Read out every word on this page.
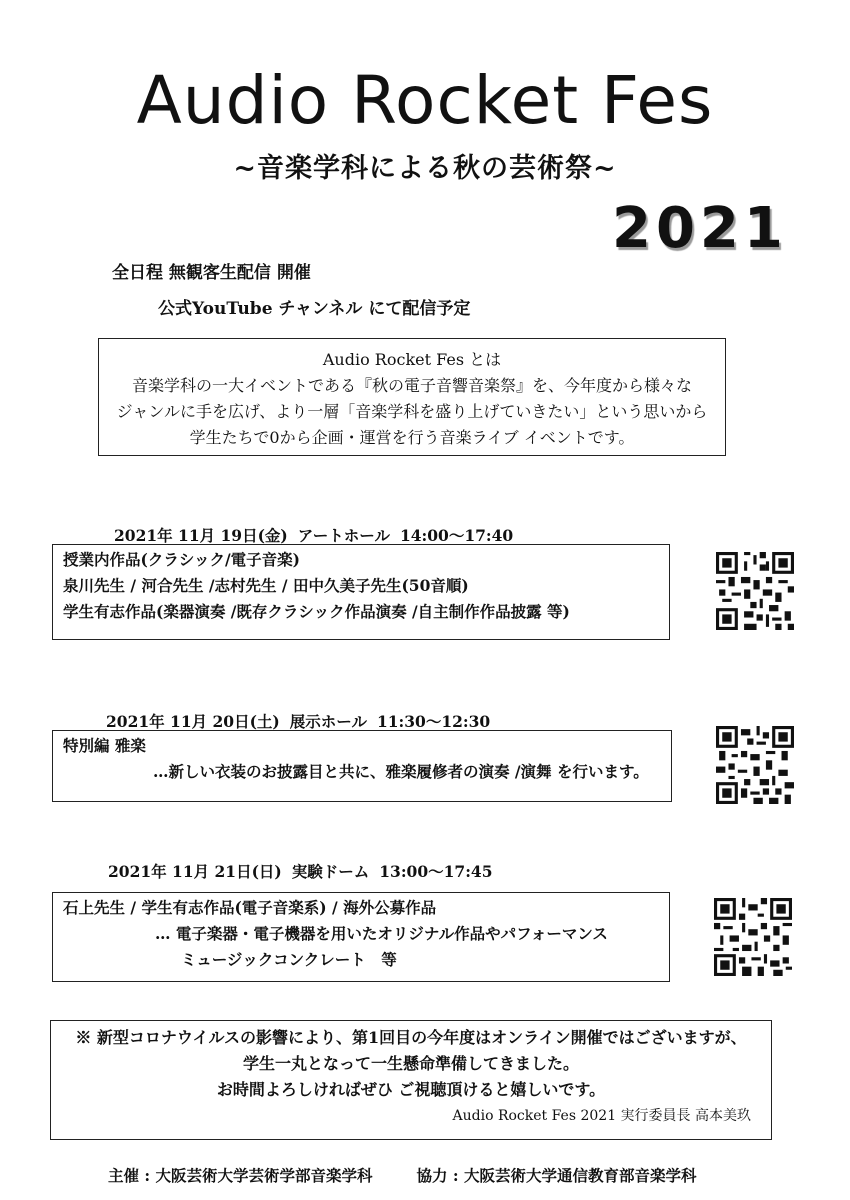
Audio Rocket Fes
~音楽学科による秋の芸術祭~
2021
全日程 無観客生配信 開催
公式YouTube チャンネル にて配信予定
Audio Rocket Fes とは
音楽学科の一大イベントである『秋の電子音響音楽祭』を、今年度から様々な
ジャンルに手を広げ、より一層「音楽学科を盛り上げていきたい」という思いから
学生たちで0から企画・運営を行う音楽ライブ イベントです。
2021年 11月 19日(金) アートホール 14:00〜17:40
授業内作品(クラシック/電子音楽)
泉川先生 / 河合先生 /志村先生 / 田中久美子先生(50音順)
学生有志作品(楽器演奏 /既存クラシック作品演奏 /自主制作作品披露 等)
2021年 11月 20日(土) 展示ホール 11:30〜12:30
特別編 雅楽
…新しい衣装のお披露目と共に、雅楽履修者の演奏 /演舞 を行います。
2021年 11月 21日(日) 実験ドーム 13:00〜17:45
石上先生 / 学生有志作品(電子音楽系) / 海外公募作品
… 電子楽器・電子機器を用いたオリジナル作品やパフォーマンス
ミュージックコンクレート　等
※ 新型コロナウイルスの影響により、第1回目の今年度はオンライン開催ではございますが、
学生一丸となって一生懸命準備してきました。
お時間よろしければぜひ ご視聴頂けると嬉しいです。
Audio Rocket Fes 2021 実行委員長 高本美玖
主催 : 大阪芸術大学芸術学部音楽学科	協力 : 大阪芸術大学通信教育部音楽学科
